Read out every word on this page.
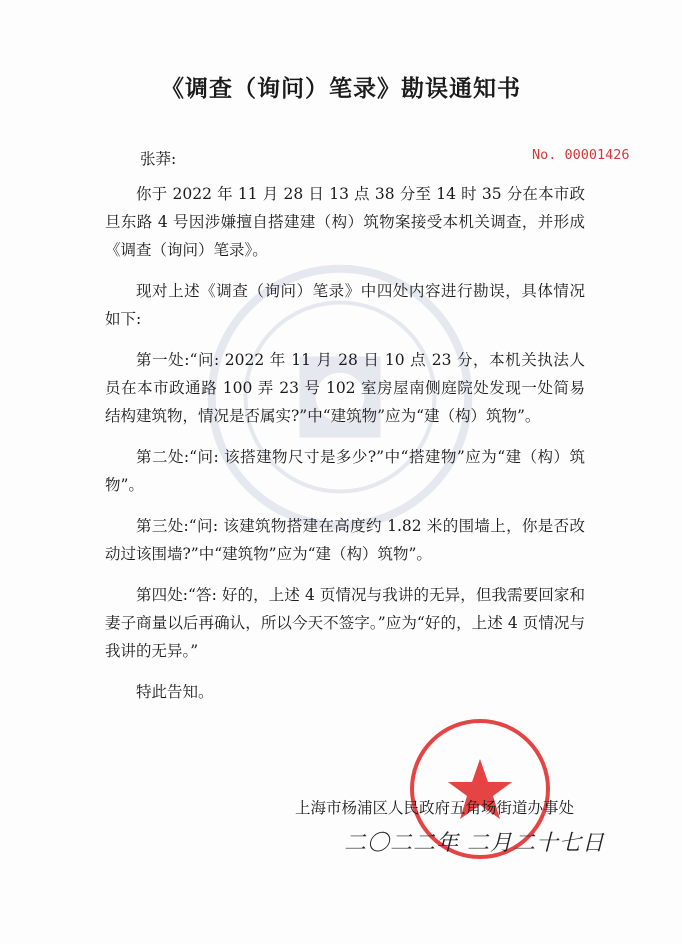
《调查（询问）笔录》勘误通知书
张莽:	No. 00001426

你于 2022 年 11 月 28 日 13 点 38 分至 14 时 35 分在本市政旦东路 4 号因涉嫌擅自搭建建（构）筑物案接受本机关调查，并形成《调查（询问）笔录》。

现对上述《调查（询问）笔录》中四处内容进行勘误，具体情况如下:

第一处:“问: 2022 年 11 月 28 日 10 点 23 分，本机关执法人员在本市政通路 100 弄 23 号 102 室房屋南侧庭院处发现一处简易结构建筑物，情况是否属实?”中“建筑物”应为“建（构）筑物”。

第二处:“问: 该搭建物尺寸是多少?”中“搭建物”应为“建（构）筑物”。

第三处:“问: 该建筑物搭建在高度约 1.82 米的围墙上，你是否改动过该围墙?”中“建筑物”应为“建（构）筑物”。

第四处:“答: 好的，上述 4 页情况与我讲的无异，但我需要回家和妻子商量以后再确认，所以今天不签字。”应为“好的，上述 4 页情况与我讲的无异。”

特此告知。

上海市杨浦区人民政府五角场街道办事处
二〇二二年 二月二十七日
